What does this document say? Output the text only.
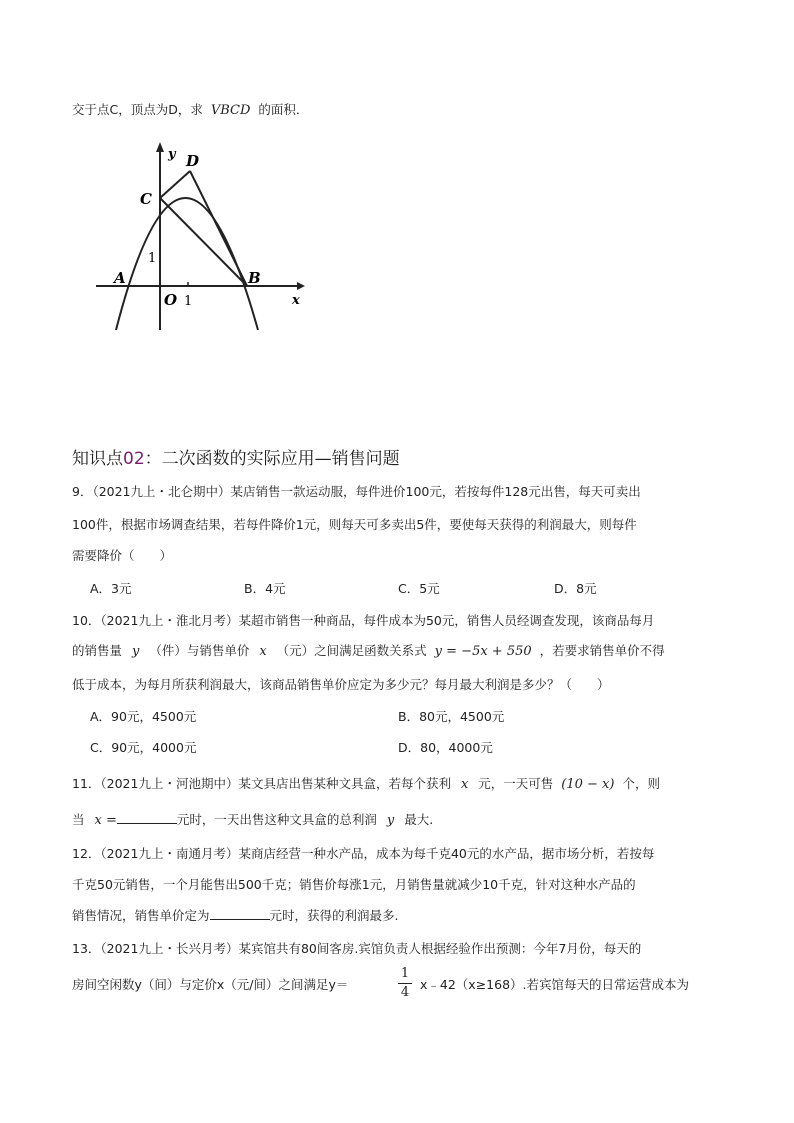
交于点C，顶点为D，求 VBCD 的面积．
y
x
D
C
A	B
O 1
1
知识点02：二次函数的实际应用—销售问题
9．（2021九上・北仑期中）某店销售一款运动服，每件进价100元，若按每件128元出售，每天可卖出
100件，根据市场调查结果，若每件降价1元，则每天可多卖出5件，要使每天获得的利润最大，则每件
需要降价（　　）
A．3元	B．4元	C．5元	D．8元
10．（2021九上・淮北月考）某超市销售一种商品，每件成本为50元，销售人员经调查发现，该商品每月
的销售量 y （件）与销售单价 x （元）之间满足函数关系式 y = −5x + 550 ，若要求销售单价不得
低于成本，为每月所获利润最大，该商品销售单价应定为多少元？每月最大利润是多少？（　　）
A．90元，4500元	B．80元，4500元
C．90元，4000元	D．80，4000元
11．（2021九上・河池期中）某文具店出售某种文具盒，若每个获利 x 元，一天可售 (10 − x) 个，则
当 x =	元时，一天出售这种文具盒的总利润 y 最大.
12．（2021九上・南通月考）某商店经营一种水产品，成本为每千克40元的水产品，据市场分析，若按每
千克50元销售，一个月能售出500千克；销售价每涨1元，月销售量就减少10千克，针对这种水产品的
销售情况，销售单价定为	元时，获得的利润最多.
13．（2021九上・长兴月考）某宾馆共有80间客房.宾馆负责人根据经验作出预测：今年7月份，每天的
房间空闲数y（间）与定价x（元/间）之间满足y＝
1
4
x﹣42（x≥168）.若宾馆每天的日常运营成本为
